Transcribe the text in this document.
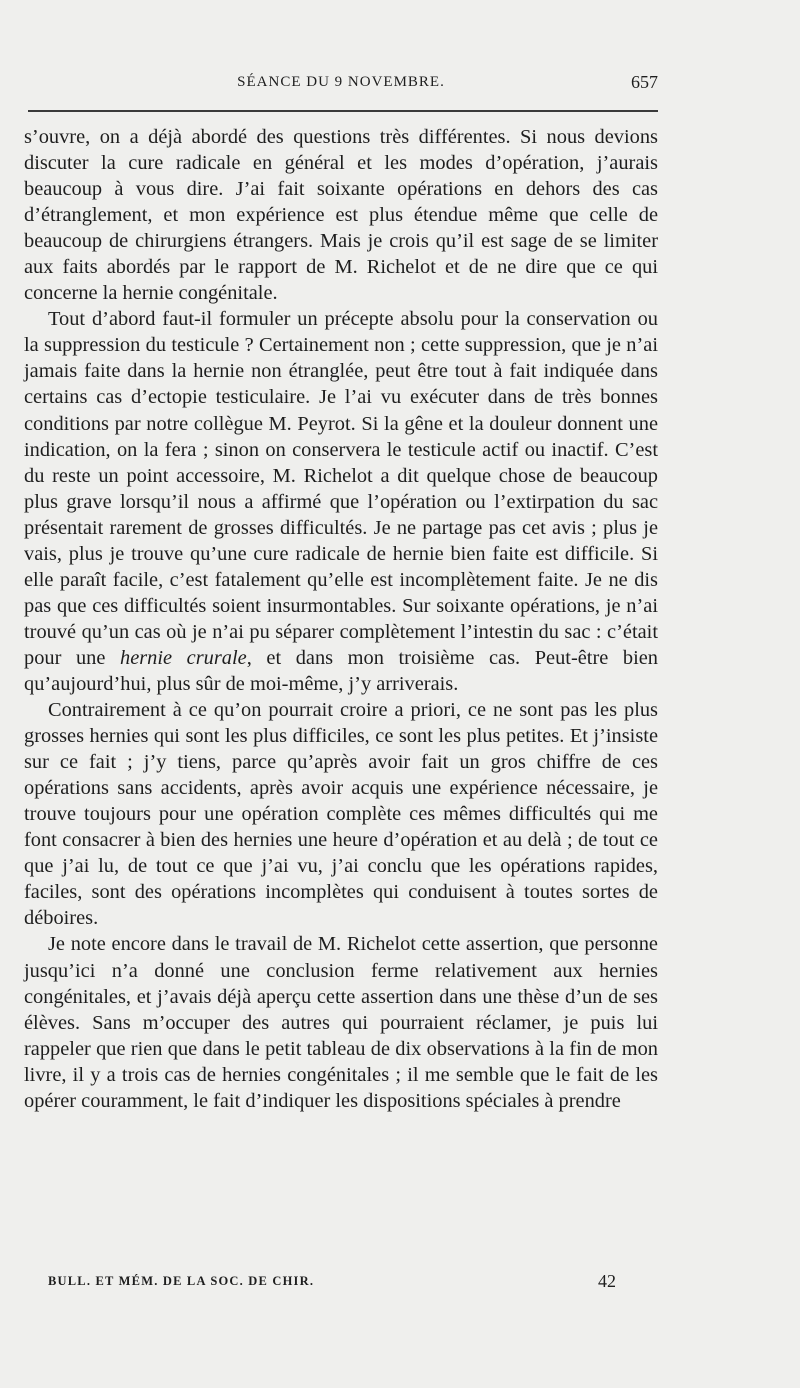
SÉANCE DU 9 NOVEMBRE.	657

s’ouvre, on a déjà abordé des questions très différentes. Si nous devions discuter la cure radicale en général et les modes d’opération, j’aurais beaucoup à vous dire. J’ai fait soixante opérations en dehors des cas d’étranglement, et mon expérience est plus étendue même que celle de beaucoup de chirurgiens étrangers. Mais je crois qu’il est sage de se limiter aux faits abordés par le rapport de M. Richelot et de ne dire que ce qui concerne la hernie congénitale.

Tout d’abord faut-il formuler un précepte absolu pour la conservation ou la suppression du testicule ? Certainement non ; cette suppression, que je n’ai jamais faite dans la hernie non étranglée, peut être tout à fait indiquée dans certains cas d’ectopie testiculaire. Je l’ai vu exécuter dans de très bonnes conditions par notre collègue M. Peyrot. Si la gêne et la douleur donnent une indication, on la fera ; sinon on conservera le testicule actif ou inactif. C’est du reste un point accessoire, M. Richelot a dit quelque chose de beaucoup plus grave lorsqu’il nous a affirmé que l’opération ou l’extirpation du sac présentait rarement de grosses difficultés. Je ne partage pas cet avis ; plus je vais, plus je trouve qu’une cure radicale de hernie bien faite est difficile. Si elle paraît facile, c’est fatalement qu’elle est incomplètement faite. Je ne dis pas que ces difficultés soient insurmontables. Sur soixante opérations, je n’ai trouvé qu’un cas où je n’ai pu séparer complètement l’intestin du sac : c’était pour une hernie crurale, et dans mon troisième cas. Peut-être bien qu’aujourd’hui, plus sûr de moi-même, j’y arriverais.

Contrairement à ce qu’on pourrait croire a priori, ce ne sont pas les plus grosses hernies qui sont les plus difficiles, ce sont les plus petites. Et j’insiste sur ce fait ; j’y tiens, parce qu’après avoir fait un gros chiffre de ces opérations sans accidents, après avoir acquis une expérience nécessaire, je trouve toujours pour une opération complète ces mêmes difficultés qui me font consacrer à bien des hernies une heure d’opération et au delà ; de tout ce que j’ai lu, de tout ce que j’ai vu, j’ai conclu que les opérations rapides, faciles, sont des opérations incomplètes qui conduisent à toutes sortes de déboires.

Je note encore dans le travail de M. Richelot cette assertion, que personne jusqu’ici n’a donné une conclusion ferme relativement aux hernies congénitales, et j’avais déjà aperçu cette assertion dans une thèse d’un de ses élèves. Sans m’occuper des autres qui pourraient réclamer, je puis lui rappeler que rien que dans le petit tableau de dix observations à la fin de mon livre, il y a trois cas de hernies congénitales ; il me semble que le fait de les opérer couramment, le fait d’indiquer les dispositions spéciales à prendre

BULL. ET MÉM. DE LA SOC. DE CHIR.	42
